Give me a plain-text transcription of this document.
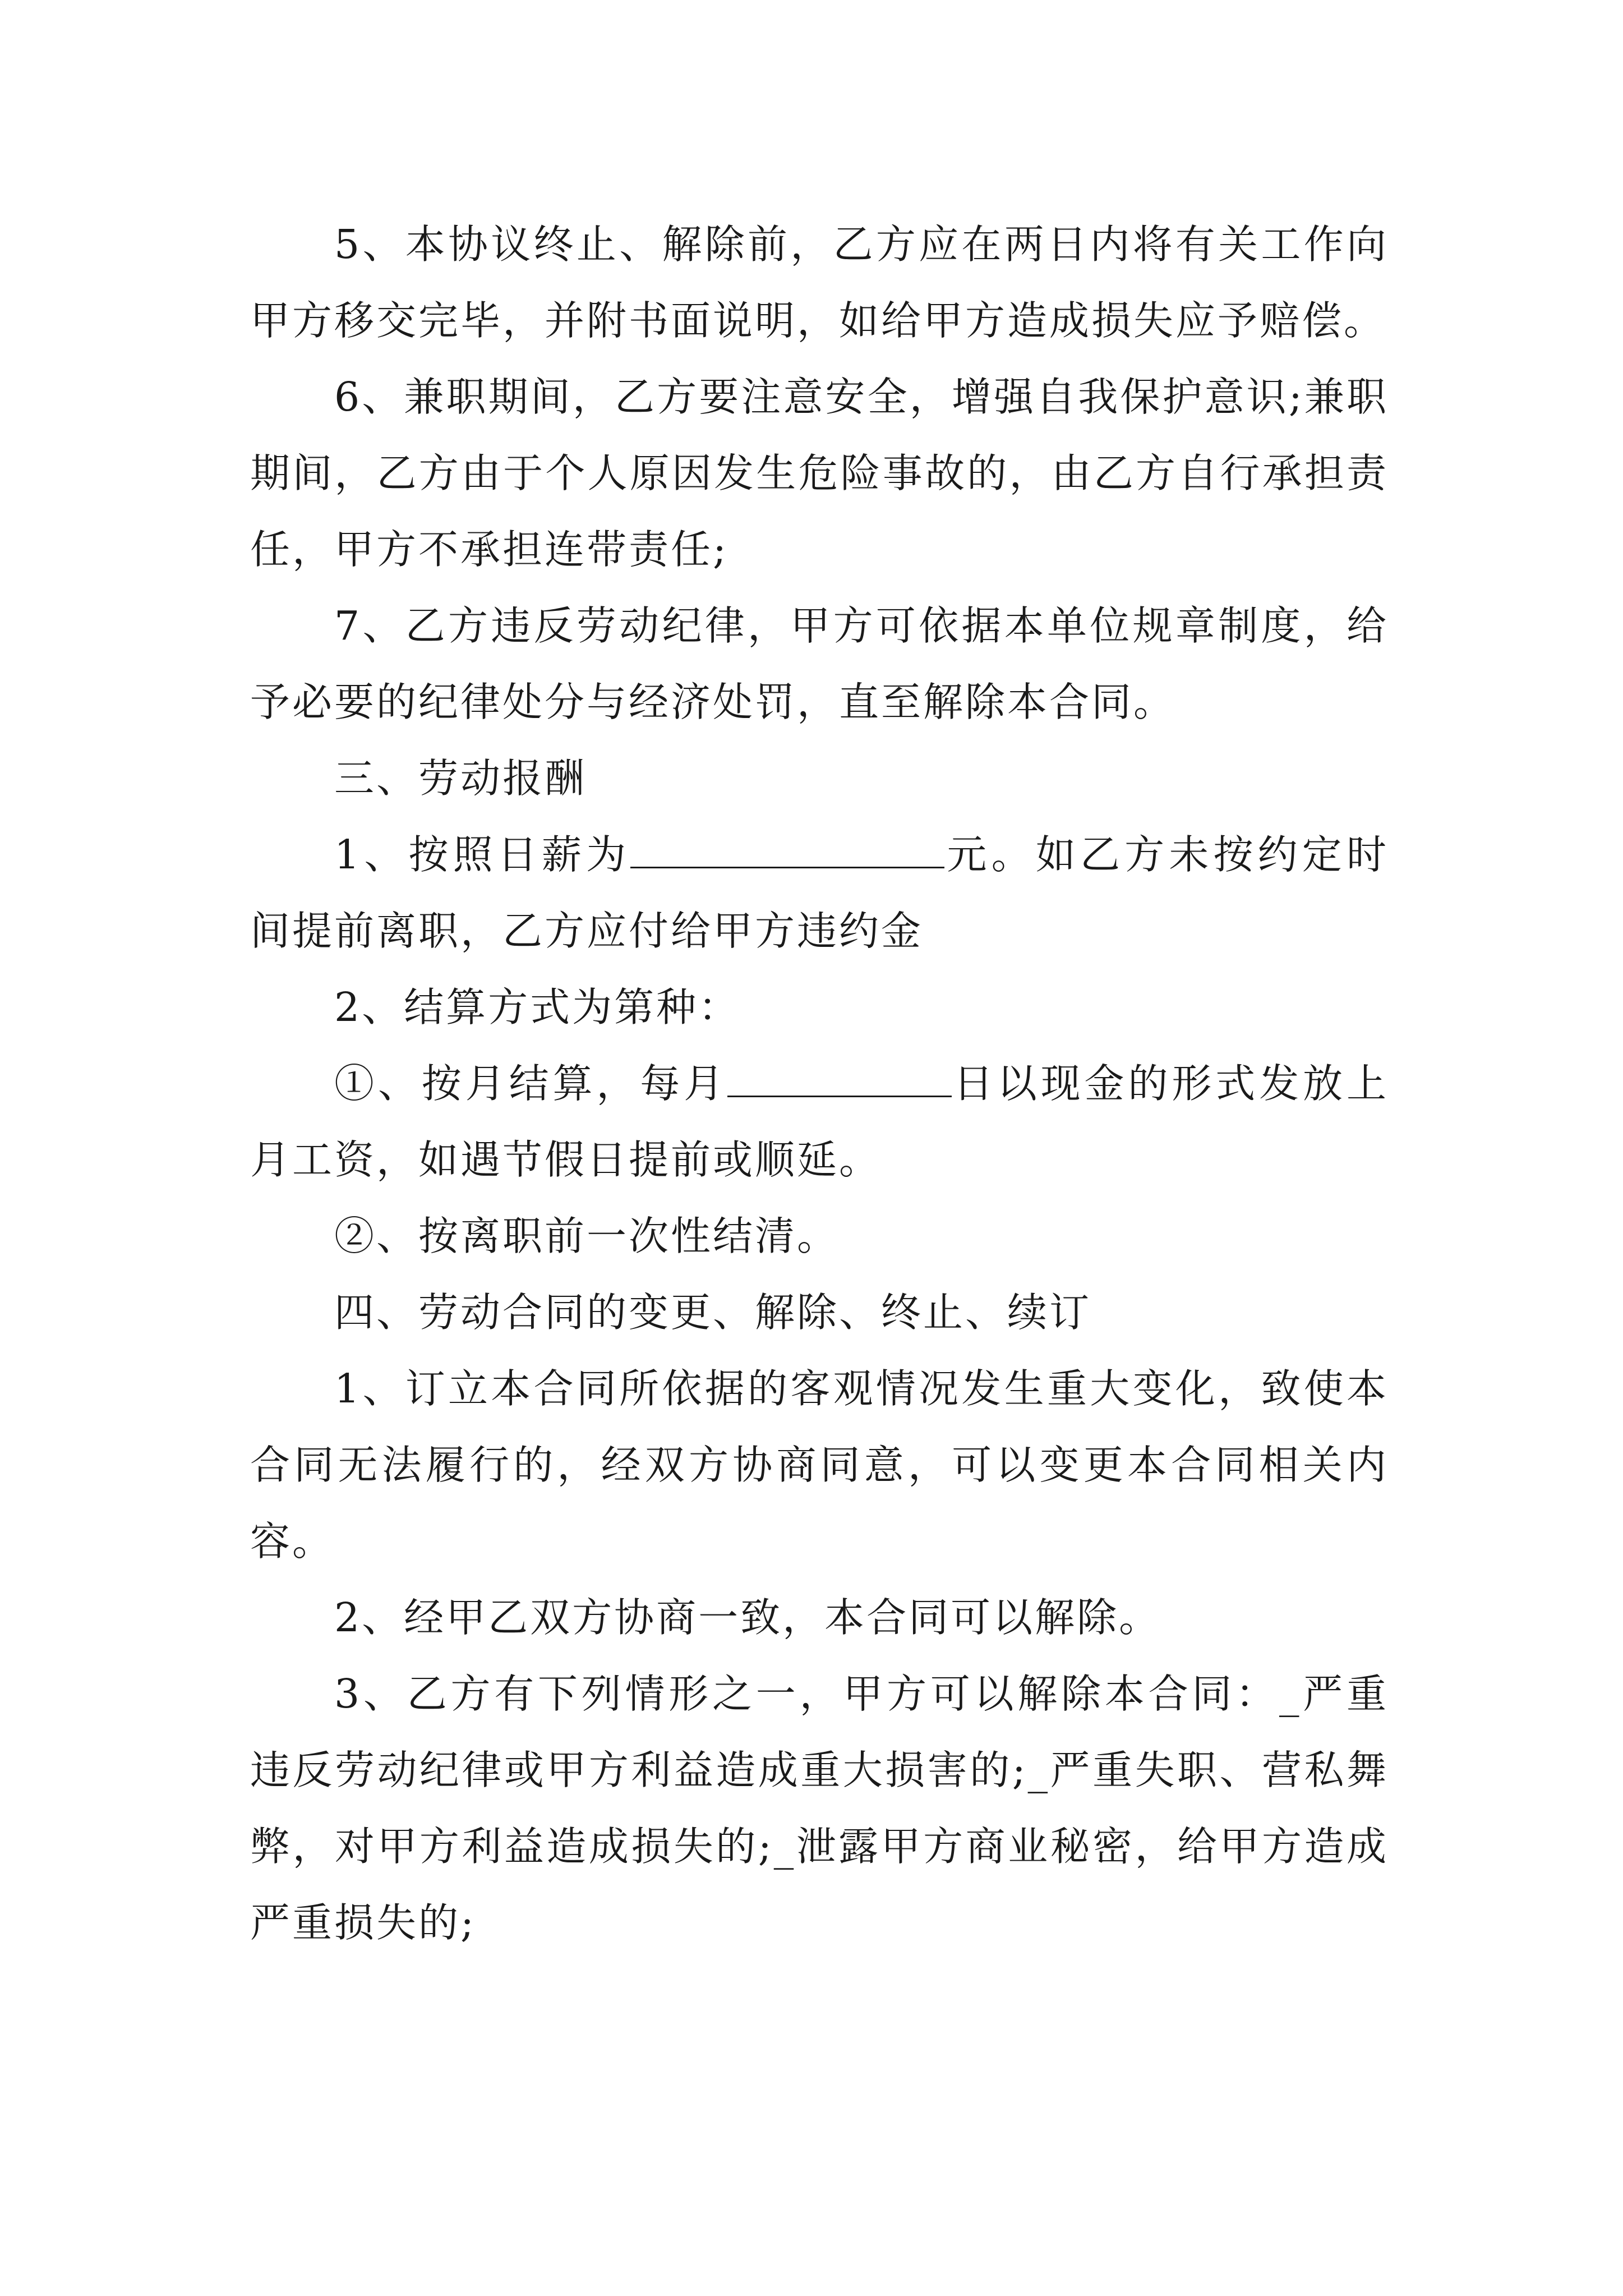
5、本协议终止、解除前，乙方应在两日内将有关工作向甲方移交完毕，并附书面说明，如给甲方造成损失应予赔偿。

6、兼职期间，乙方要注意安全，增强自我保护意识;兼职期间，乙方由于个人原因发生危险事故的，由乙方自行承担责任，甲方不承担连带责任;

7、乙方违反劳动纪律，甲方可依据本单位规章制度，给予必要的纪律处分与经济处罚，直至解除本合同。

三、劳动报酬

1、按照日薪为	元。如乙方未按约定时间提前离职，乙方应付给甲方违约金

2、结算方式为第种：

①、按月结算，每月	日以现金的形式发放上月工资，如遇节假日提前或顺延。

②、按离职前一次性结清。

四、劳动合同的变更、解除、终止、续订

1、订立本合同所依据的客观情况发生重大变化，致使本合同无法履行的，经双方协商同意，可以变更本合同相关内容。

2、经甲乙双方协商一致，本合同可以解除。

3、乙方有下列情形之一，甲方可以解除本合同：_严重违反劳动纪律或甲方利益造成重大损害的;_严重失职、营私舞弊，对甲方利益造成损失的;_泄露甲方商业秘密，给甲方造成严重损失的;
